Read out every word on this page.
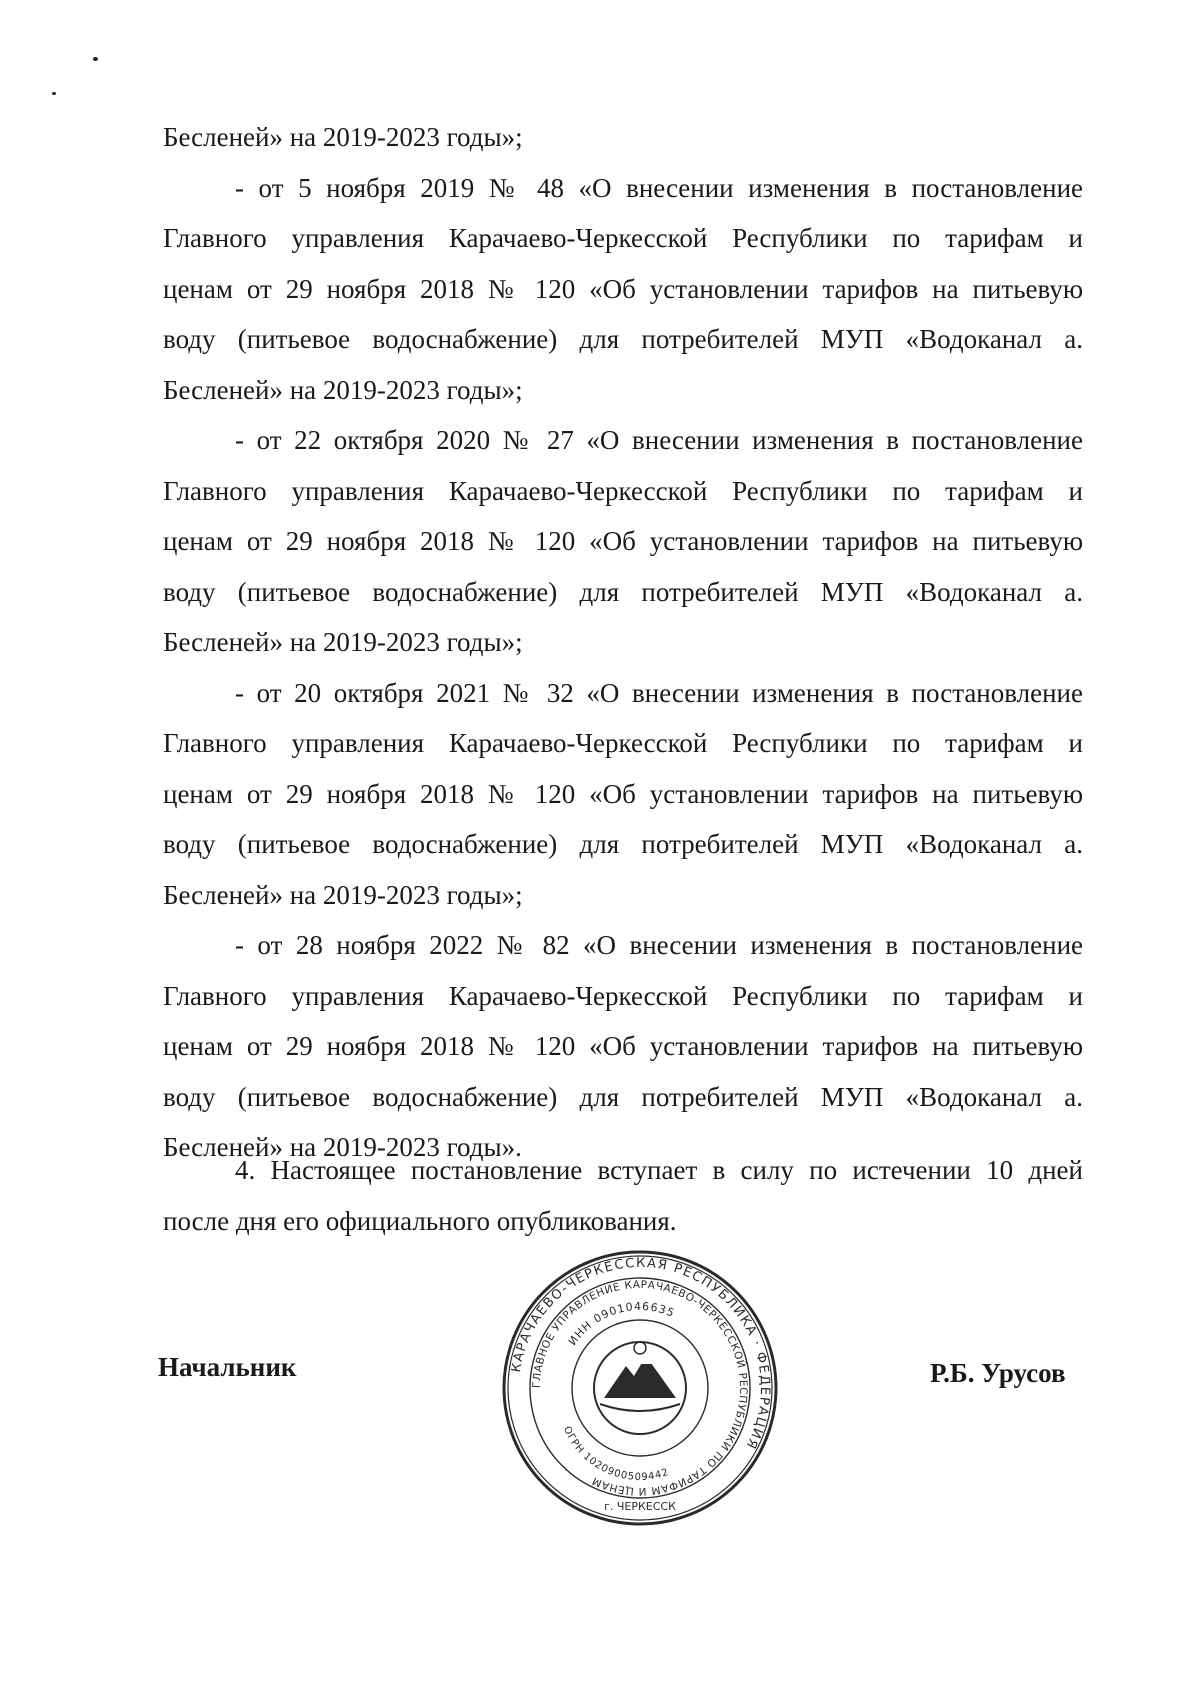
Бесленей» на 2019-2023 годы»;
- от 5 ноября 2019 № 48 «О внесении изменения в постановление
Главного управления Карачаево-Черкесской Республики по тарифам и
ценам от 29 ноября 2018 № 120 «Об установлении тарифов на питьевую
воду (питьевое водоснабжение) для потребителей МУП «Водоканал а.
Бесленей» на 2019-2023 годы»;
- от 22 октября 2020 № 27 «О внесении изменения в постановление
Главного управления Карачаево-Черкесской Республики по тарифам и
ценам от 29 ноября 2018 № 120 «Об установлении тарифов на питьевую
воду (питьевое водоснабжение) для потребителей МУП «Водоканал а.
Бесленей» на 2019-2023 годы»;
- от 20 октября 2021 № 32 «О внесении изменения в постановление
Главного управления Карачаево-Черкесской Республики по тарифам и
ценам от 29 ноября 2018 № 120 «Об установлении тарифов на питьевую
воду (питьевое водоснабжение) для потребителей МУП «Водоканал а.
Бесленей» на 2019-2023 годы»;
- от 28 ноября 2022 № 82 «О внесении изменения в постановление
Главного управления Карачаево-Черкесской Республики по тарифам и
ценам от 29 ноября 2018 № 120 «Об установлении тарифов на питьевую
воду (питьевое водоснабжение) для потребителей МУП «Водоканал а.
Бесленей» на 2019-2023 годы».
4. Настоящее постановление вступает в силу по истечении 10 дней
после дня его официального опубликования.
Начальник	Р.Б. Урусов
КАРАЧАЕВО-ЧЕРКЕССКАЯ РЕСПУБЛИКА · ФЕДЕРАЦИЯ
ГЛАВНОЕ УПРАВЛЕНИЕ КАРАЧАЕВО-ЧЕРКЕССКОЙ РЕСПУБЛИКИ ПО ТАРИФАМ И ЦЕНАМ
ИНН 0901046635
ОГРН 1020900509442
г. ЧЕРКЕССК
